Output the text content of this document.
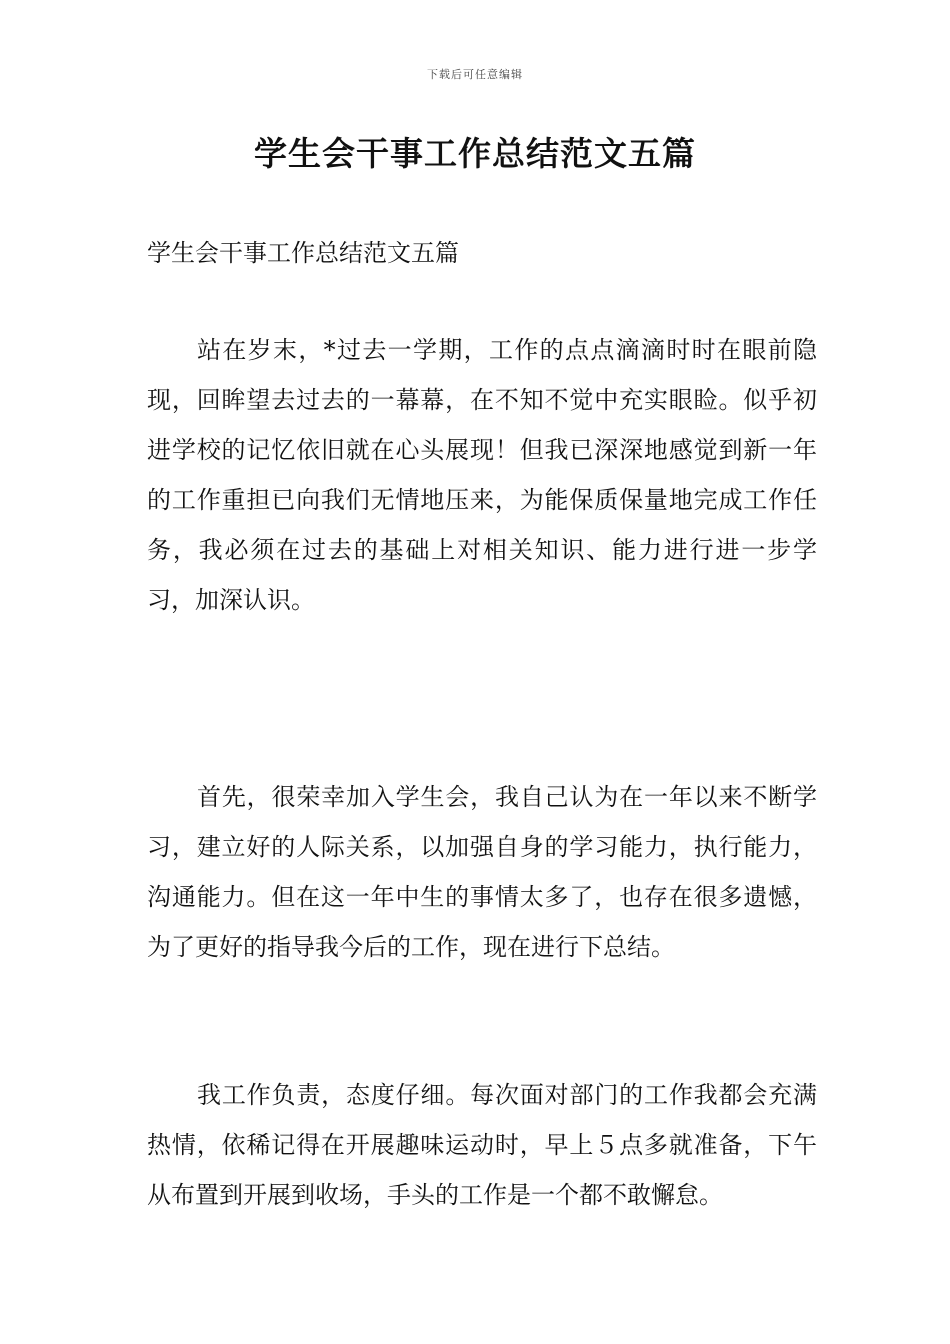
下载后可任意编辑
学生会干事工作总结范文五篇
学生会干事工作总结范文五篇
站在岁末，*过去一学期，工作的点点滴滴时时在眼前隐现，回眸望去过去的一幕幕，在不知不觉中充实眼睑。似乎初进学校的记忆依旧就在心头展现！但我已深深地感觉到新一年的工作重担已向我们无情地压来，为能保质保量地完成工作任务，我必须在过去的基础上对相关知识、能力进行进一步学习，加深认识。
首先，很荣幸加入学生会，我自己认为在一年以来不断学习，建立好的人际关系，以加强自身的学习能力，执行能力，沟通能力。但在这一年中生的事情太多了，也存在很多遗憾，为了更好的指导我今后的工作，现在进行下总结。
我工作负责，态度仔细。每次面对部门的工作我都会充满热情，依稀记得在开展趣味运动时，早上５点多就准备，下午从布置到开展到收场，手头的工作是一个都不敢懈怠。
